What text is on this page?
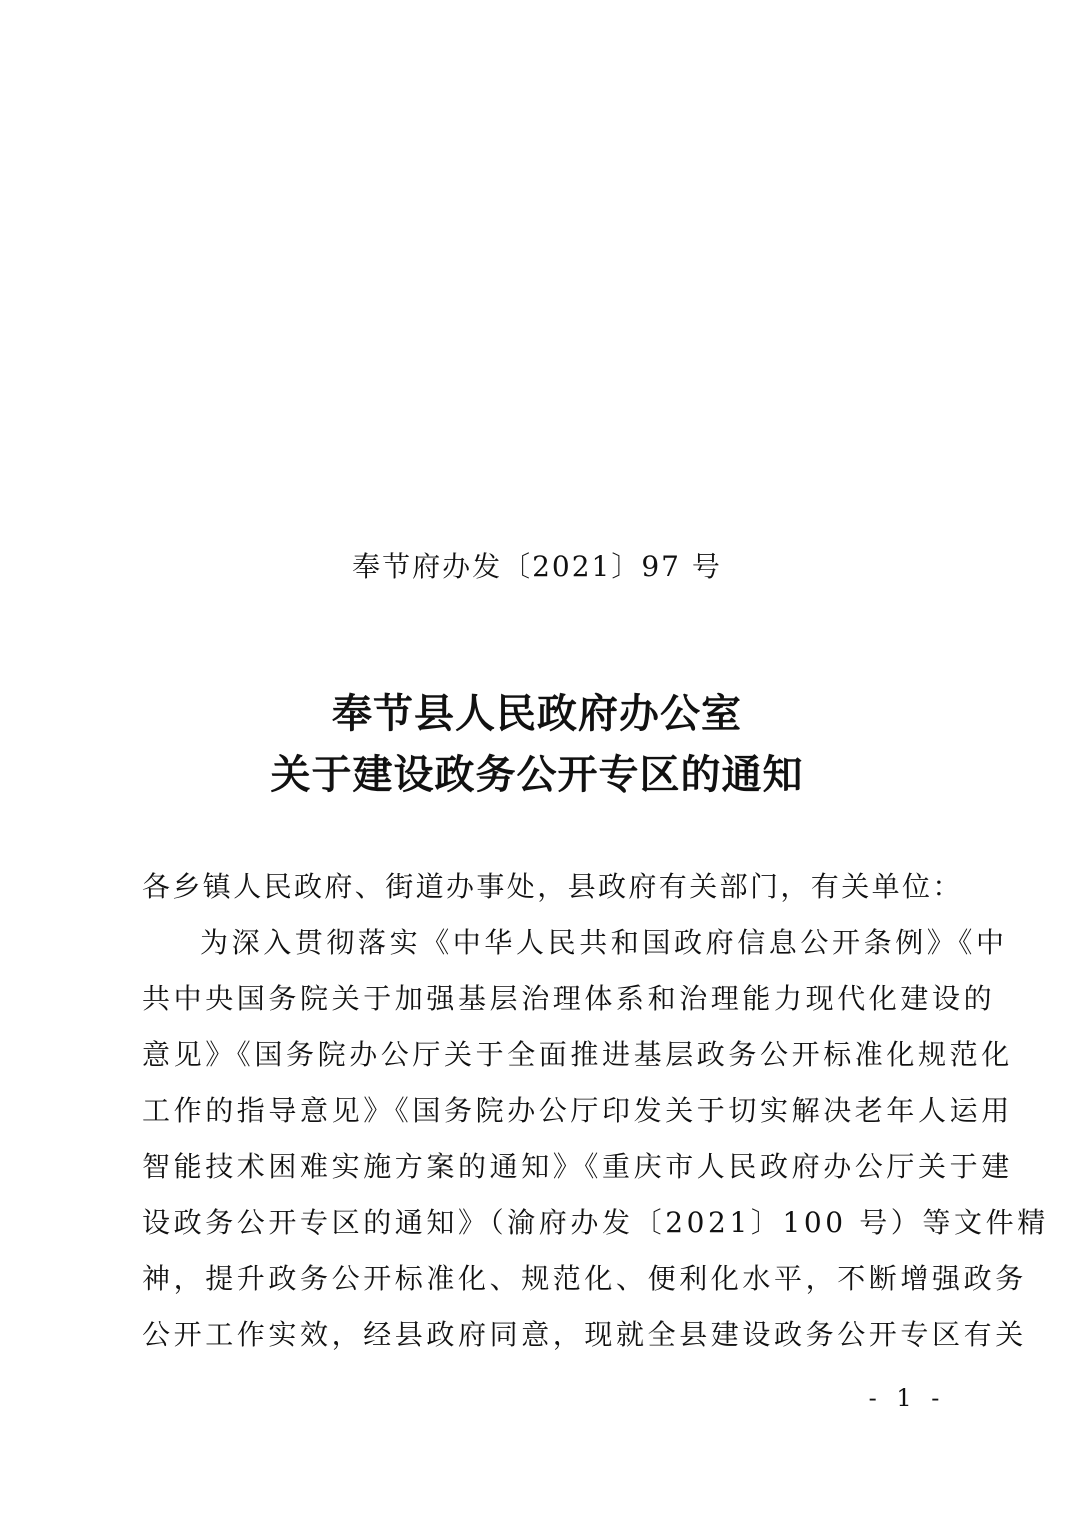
奉节府办发〔2021〕97 号
奉节县人民政府办公室
关于建设政务公开专区的通知
各乡镇人民政府、街道办事处，县政府有关部门，有关单位：
为深入贯彻落实《中华人民共和国政府信息公开条例》《中
共中央国务院关于加强基层治理体系和治理能力现代化建设的
意见》《国务院办公厅关于全面推进基层政务公开标准化规范化
工作的指导意见》《国务院办公厅印发关于切实解决老年人运用
智能技术困难实施方案的通知》《重庆市人民政府办公厅关于建
设政务公开专区的通知》（渝府办发〔2021〕100 号）等文件精
神，提升政务公开标准化、规范化、便利化水平，不断增强政务
公开工作实效，经县政府同意，现就全县建设政务公开专区有关
- 1 -
